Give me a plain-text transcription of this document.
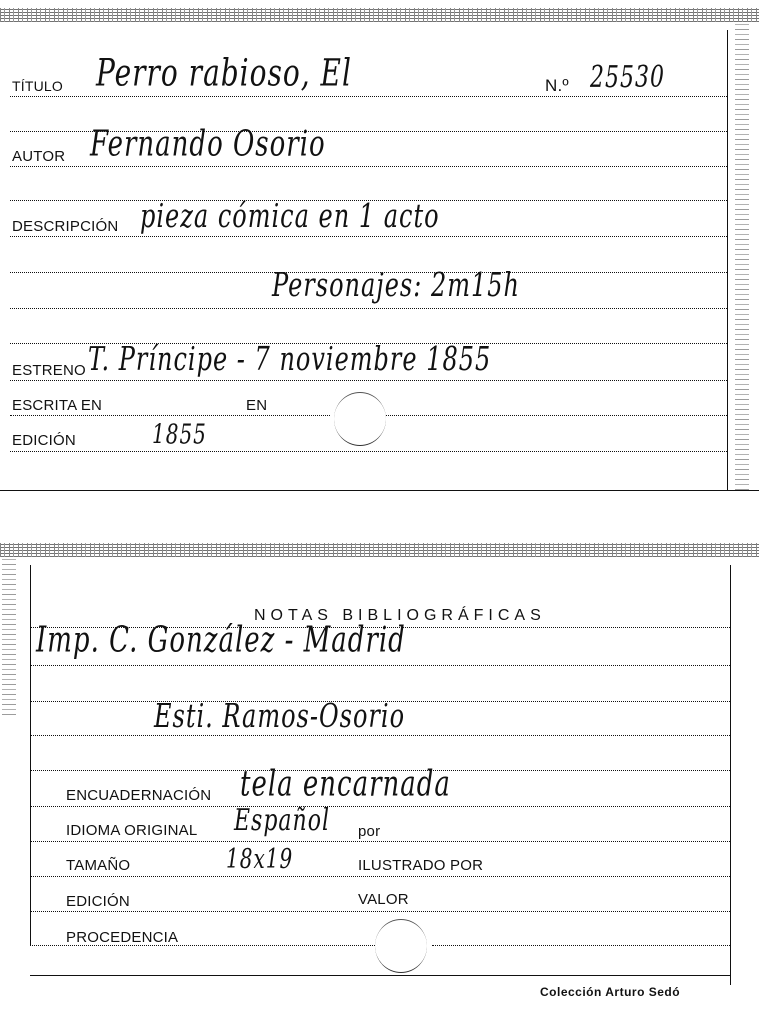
TÍTULO Perro rabioso, El	N.º 25530
AUTOR Fernando Osorio
DESCRIPCIÓN pieza cómica en 1 acto
Personajes: 2m15h
ESTRENO T. Príncipe - 7 noviembre 1855
ESCRITA EN	EN
EDICIÓN	1855
NOTAS BIBLIOGRÁFICAS
Imp. C. González - Madrid
Esti. Ramos-Osorio
ENCUADERNACIÓN tela encarnada
IDIOMA ORIGINAL Español por
TAMAÑO	18x19	ILUSTRADO POR
EDICIÓN	VALOR
PROCEDENCIA
Colección Arturo Sedó
